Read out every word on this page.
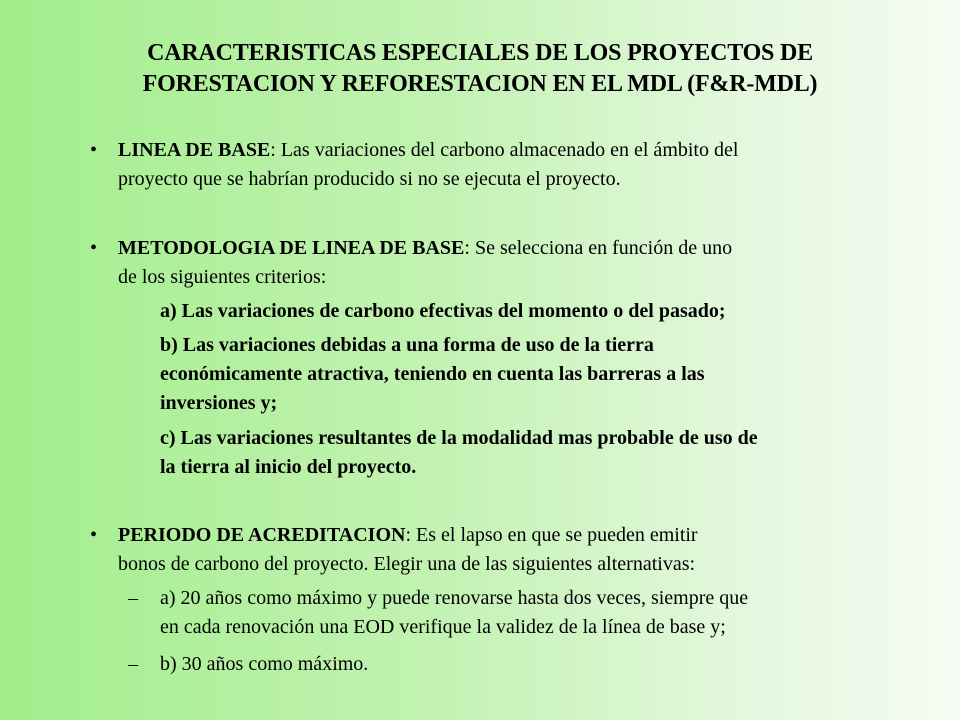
CARACTERISTICAS ESPECIALES DE LOS PROYECTOS DE
FORESTACION Y REFORESTACION EN EL MDL (F&R-MDL)
• LINEA DE BASE: Las variaciones del carbono almacenado en el ámbito del
proyecto que se habrían producido si no se ejecuta el proyecto.
• METODOLOGIA DE LINEA DE BASE: Se selecciona en función de uno
de los siguientes criterios:
a) Las variaciones de carbono efectivas del momento o del pasado;
b) Las variaciones debidas a una forma de uso de la tierra
económicamente atractiva, teniendo en cuenta las barreras a las
inversiones y;
c) Las variaciones resultantes de la modalidad mas probable de uso de
la tierra al inicio del proyecto.
• PERIODO DE ACREDITACION: Es el lapso en que se pueden emitir
bonos de carbono del proyecto. Elegir una de las siguientes alternativas:
– a) 20 años como máximo y puede renovarse hasta dos veces, siempre que
en cada renovación una EOD verifique la validez de la línea de base y;
– b) 30 años como máximo.
